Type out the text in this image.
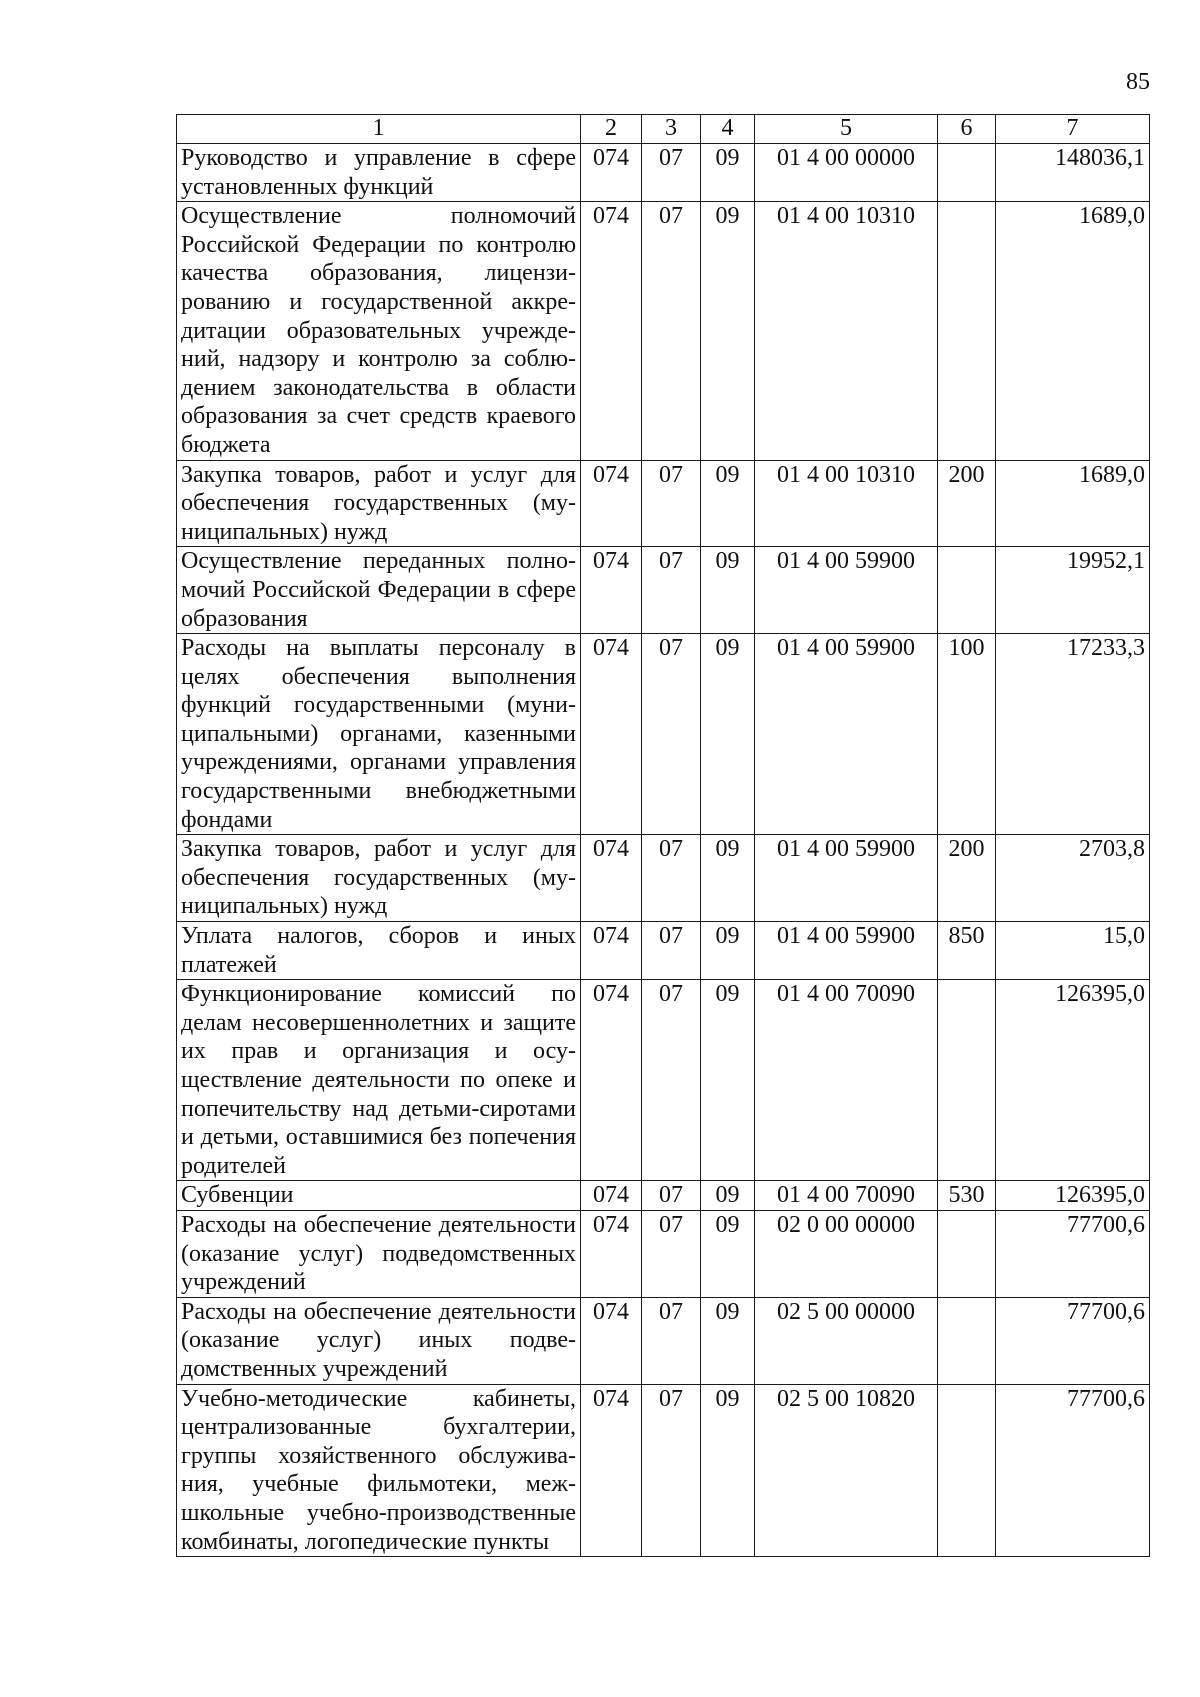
85
1	2	3	4	5	6	7
Руководство и управление в сфере установленных функций	074	07	09	01 4 00 00000		148036,1
Осуществление полномочий Российской Федерации по контролю качества образования, лицензированию и государственной аккредитации образовательных учреждений, надзору и контролю за соблюдением законодательства в области образования за счет средств краевого бюджета	074	07	09	01 4 00 10310		1689,0
Закупка товаров, работ и услуг для обеспечения государственных (муниципальных) нужд	074	07	09	01 4 00 10310	200	1689,0
Осуществление переданных полномочий Российской Федерации в сфере образования	074	07	09	01 4 00 59900		19952,1
Расходы на выплаты персоналу в целях обеспечения выполнения функций государственными (муниципальными) органами, казенными учреждениями, органами управления государственными внебюджетными фондами	074	07	09	01 4 00 59900	100	17233,3
Закупка товаров, работ и услуг для обеспечения государственных (муниципальных) нужд	074	07	09	01 4 00 59900	200	2703,8
Уплата налогов, сборов и иных платежей	074	07	09	01 4 00 59900	850	15,0
Функционирование комиссий по делам несовершеннолетних и защите их прав и организация и осуществление деятельности по опеке и попечительству над детьми-сиротами и детьми, оставшимися без попечения родителей	074	07	09	01 4 00 70090		126395,0
Субвенции	074	07	09	01 4 00 70090	530	126395,0
Расходы на обеспечение деятельности (оказание услуг) подведомственных учреждений	074	07	09	02 0 00 00000		77700,6
Расходы на обеспечение деятельности (оказание услуг) иных подведомственных учреждений	074	07	09	02 5 00 00000		77700,6
Учебно-методические кабинеты, централизованные бухгалтерии, группы хозяйственного обслуживания, учебные фильмотеки, межшкольные учебно-производственные комбинаты, логопедические пункты	074	07	09	02 5 00 10820		77700,6
